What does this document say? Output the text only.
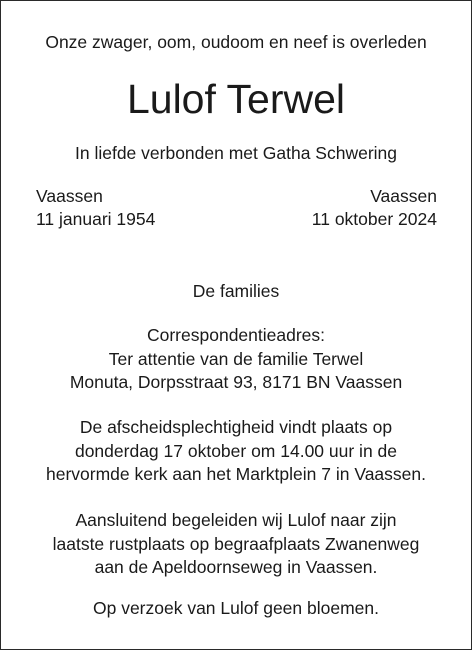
Onze zwager, oom, oudoom en neef is overleden
Lulof Terwel
In liefde verbonden met Gatha Schwering
Vaassen
11 januari 1954
Vaassen
11 oktober 2024
De families
Correspondentieadres:
Ter attentie van de familie Terwel
Monuta, Dorpsstraat 93, 8171 BN Vaassen
De afscheidsplechtigheid vindt plaats op
donderdag 17 oktober om 14.00 uur in de
hervormde kerk aan het Marktplein 7 in Vaassen.
Aansluitend begeleiden wij Lulof naar zijn
laatste rustplaats op begraafplaats Zwanenweg
aan de Apeldoornseweg in Vaassen.
Op verzoek van Lulof geen bloemen.
